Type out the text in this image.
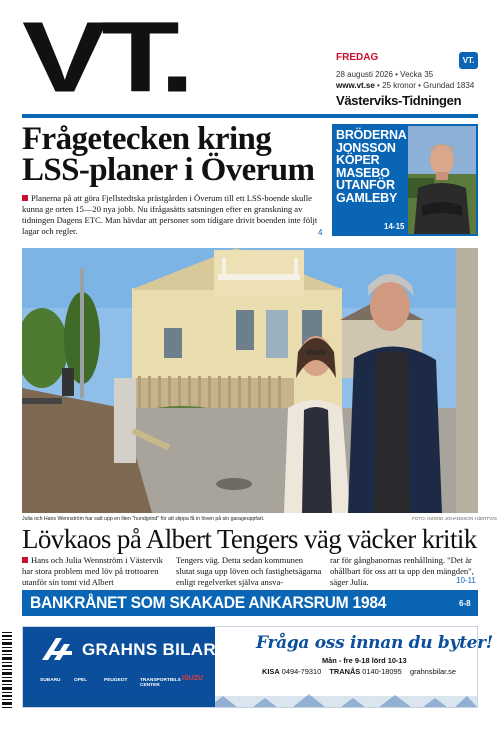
VT.	FREDAG	VT.
28 augusti 2026 • Vecka 35
www.vt.se • 25 kronor • Grundad 1834
Västerviks-Tidningen
Frågetecken kring LSS-planer i Överum
Planerna på att göra Fjellstedtska prästgården i Överum till ett LSS-boende skulle kunna ge orten 15—20 nya jobb. Nu ifrågasätts satsningen efter en granskning av tidningen Dagens ETC. Man hävdar att personer som tidigare drivit boenden inte följt lagar och regler.	4
BRÖDERNA JONSSON KÖPER MASEBO UTANFÖR GAMLEBY
14-15
Julia och Hans Wennström har satt upp en liten "hundgrind" för att slippa få in löven på sin garageuppfart.	FOTO: INGRID JOHANSSON HJERTVIG
Lövkaos på Albert Tengers väg väcker kritik
Hans och Julia Wennström i Västervik har stora problem med löv på trottoaren utanför sin tomt vid Albert
Tengers väg. Detta sedan kommunen slutat suga upp löven och fastighetsägarna enligt regelverket själva ansva-
rar för gångbanornas renhållning. "Det är ohållbart för oss att ta upp den mängden", säger Julia.	10-11
BANKRÅNET SOM SKAKADE ANKARSRUM 1984	6-8
GRAHNS BILAR
SUBARU	OPEL	PEUGEOT	TRANSPORTBILS CENTER
ISUZU
Fråga oss innan du byter!
Mån - fre 9-18 lörd 10-13
KISA 0494-79310 TRANÅS 0140-18095 grahnsbilar.se
